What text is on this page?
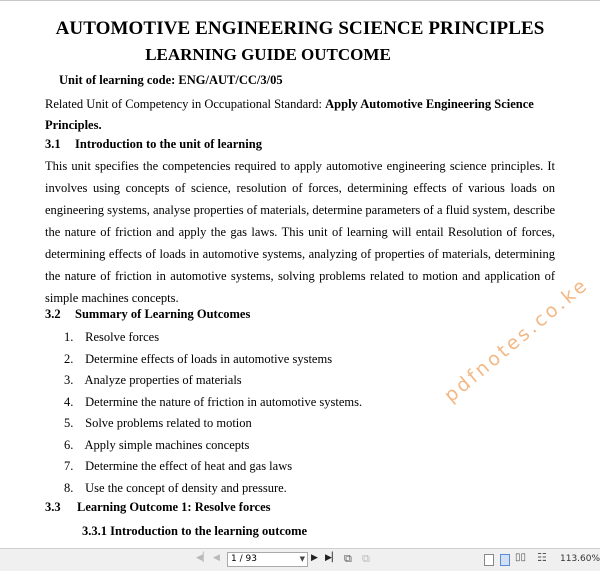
AUTOMOTIVE ENGINEERING SCIENCE PRINCIPLES
LEARNING GUIDE OUTCOME
Unit of learning code: ENG/AUT/CC/3/05
Related Unit of Competency in Occupational Standard: Apply Automotive Engineering Science Principles.
3.1 Introduction to the unit of learning
This unit specifies the competencies required to apply automotive engineering science principles. It involves using concepts of science, resolution of forces, determining effects of various loads on engineering systems, analyse properties of materials, determine parameters of a fluid system, describe the nature of friction and apply the gas laws. This unit of learning will entail Resolution of forces, determining effects of loads in automotive systems, analyzing of properties of materials, determining the nature of friction in automotive systems, solving problems related to motion and application of simple machines concepts.
3.2 Summary of Learning Outcomes
1. Resolve forces
2. Determine effects of loads in automotive systems
3. Analyze properties of materials
4. Determine the nature of friction in automotive systems.
5. Solve problems related to motion
6. Apply simple machines concepts
7. Determine the effect of heat and gas laws
8. Use the concept of density and pressure.
3.3 Learning Outcome 1: Resolve forces
3.3.1 Introduction to the learning outcome
pdfnotes.co.ke
◀▏ ◀	1 / 93	▼ ▶ ▶▏ ⧉ ⧉	▯▯ ☷ 113.60%
